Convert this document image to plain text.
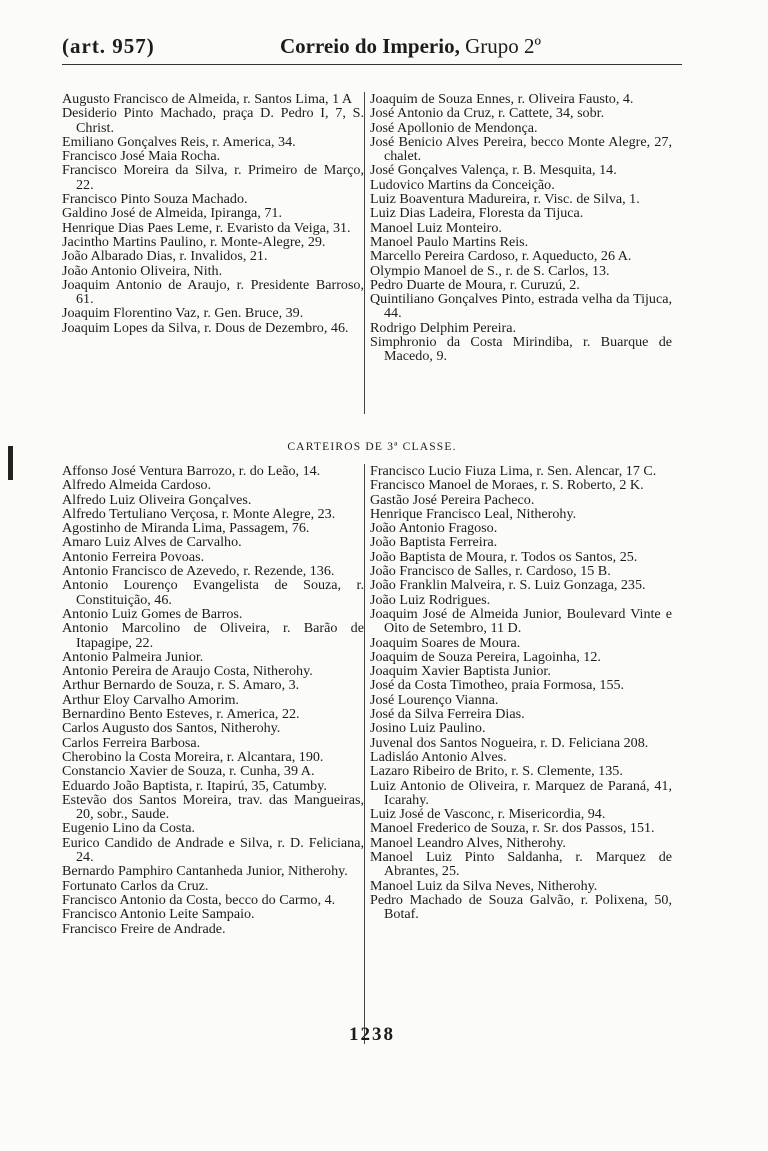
(art. 957)	Correio do Imperio, Grupo 2º
Augusto Francisco de Almeida, r. Santos Lima, 1 A
Desiderio Pinto Machado, praça D. Pedro I, 7, S. Christ.
Emiliano Gonçalves Reis, r. America, 34.
Francisco José Maia Rocha.
Francisco Moreira da Silva, r. Primeiro de Março, 22.
Francisco Pinto Souza Machado.
Galdino José de Almeida, Ipiranga, 71.
Henrique Dias Paes Leme, r. Evaristo da Veiga, 31.
Jacintho Martins Paulino, r. Monte-Alegre, 29.
João Albarado Dias, r. Invalidos, 21.
João Antonio Oliveira, Nith.
Joaquim Antonio de Araujo, r. Presidente Barroso, 61.
Joaquim Florentino Vaz, r. Gen. Bruce, 39.
Joaquim Lopes da Silva, r. Dous de Dezembro, 46.
Joaquim de Souza Ennes, r. Oliveira Fausto, 4.
José Antonio da Cruz, r. Cattete, 34, sobr.
José Apollonio de Mendonça.
José Benicio Alves Pereira, becco Monte Alegre, 27, chalet.
José Gonçalves Valença, r. B. Mesquita, 14.
Ludovico Martins da Conceição.
Luiz Boaventura Madureira, r. Visc. de Silva, 1.
Luiz Dias Ladeira, Floresta da Tijuca.
Manoel Luiz Monteiro.
Manoel Paulo Martins Reis.
Marcello Pereira Cardoso, r. Aqueducto, 26 A.
Olympio Manoel de S., r. de S. Carlos, 13.
Pedro Duarte de Moura, r. Curuzú, 2.
Quintiliano Gonçalves Pinto, estrada velha da Tijuca, 44.
Rodrigo Delphim Pereira.
Simphronio da Costa Mirindiba, r. Buarque de Macedo, 9.
CARTEIROS DE 3ª CLASSE.
Affonso José Ventura Barrozo, r. do Leão, 14.
Alfredo Almeida Cardoso.
Alfredo Luiz Oliveira Gonçalves.
Alfredo Tertuliano Verçosa, r. Monte Alegre, 23.
Agostinho de Miranda Lima, Passagem, 76.
Amaro Luiz Alves de Carvalho.
Antonio Ferreira Povoas.
Antonio Francisco de Azevedo, r. Rezende, 136.
Antonio Lourenço Evangelista de Souza, r. Constituição, 46.
Antonio Luiz Gomes de Barros.
Antonio Marcolino de Oliveira, r. Barão de Itapagipe, 22.
Antonio Palmeira Junior.
Antonio Pereira de Araujo Costa, Nitherohy.
Arthur Bernardo de Souza, r. S. Amaro, 3.
Arthur Eloy Carvalho Amorim.
Bernardino Bento Esteves, r. America, 22.
Carlos Augusto dos Santos, Nitherohy.
Carlos Ferreira Barbosa.
Cherobino la Costa Moreira, r. Alcantara, 190.
Constancio Xavier de Souza, r. Cunha, 39 A.
Eduardo João Baptista, r. Itapirú, 35, Catumby.
Estevão dos Santos Moreira, trav. das Mangueiras, 20, sobr., Saude.
Eugenio Lino da Costa.
Eurico Candido de Andrade e Silva, r. D. Feliciana, 24.
Bernardo Pamphiro Cantanheda Junior, Nitherohy.
Fortunato Carlos da Cruz.
Francisco Antonio da Costa, becco do Carmo, 4.
Francisco Antonio Leite Sampaio.
Francisco Freire de Andrade.
Francisco Lucio Fiuza Lima, r. Sen. Alencar, 17 C.
Francisco Manoel de Moraes, r. S. Roberto, 2 K.
Gastão José Pereira Pacheco.
Henrique Francisco Leal, Nitherohy.
João Antonio Fragoso.
João Baptista Ferreira.
João Baptista de Moura, r. Todos os Santos, 25.
João Francisco de Salles, r. Cardoso, 15 B.
João Franklin Malveira, r. S. Luiz Gonzaga, 235.
João Luiz Rodrigues.
Joaquim José de Almeida Junior, Boulevard Vinte e Oito de Setembro, 11 D.
Joaquim Soares de Moura.
Joaquim de Souza Pereira, Lagoinha, 12.
Joaquim Xavier Baptista Junior.
José da Costa Timotheo, praia Formosa, 155.
José Lourenço Vianna.
José da Silva Ferreira Dias.
Josino Luiz Paulino.
Juvenal dos Santos Nogueira, r. D. Feliciana 208.
Ladisláo Antonio Alves.
Lazaro Ribeiro de Brito, r. S. Clemente, 135.
Luiz Antonio de Oliveira, r. Marquez de Paraná, 41, Icarahy.
Luiz José de Vasconc, r. Misericordia, 94.
Manoel Frederico de Souza, r. Sr. dos Passos, 151.
Manoel Leandro Alves, Nitherohy.
Manoel Luiz Pinto Saldanha, r. Marquez de Abrantes, 25.
Manoel Luiz da Silva Neves, Nitherohy.
Pedro Machado de Souza Galvão, r. Polixena, 50, Botaf.
1238
